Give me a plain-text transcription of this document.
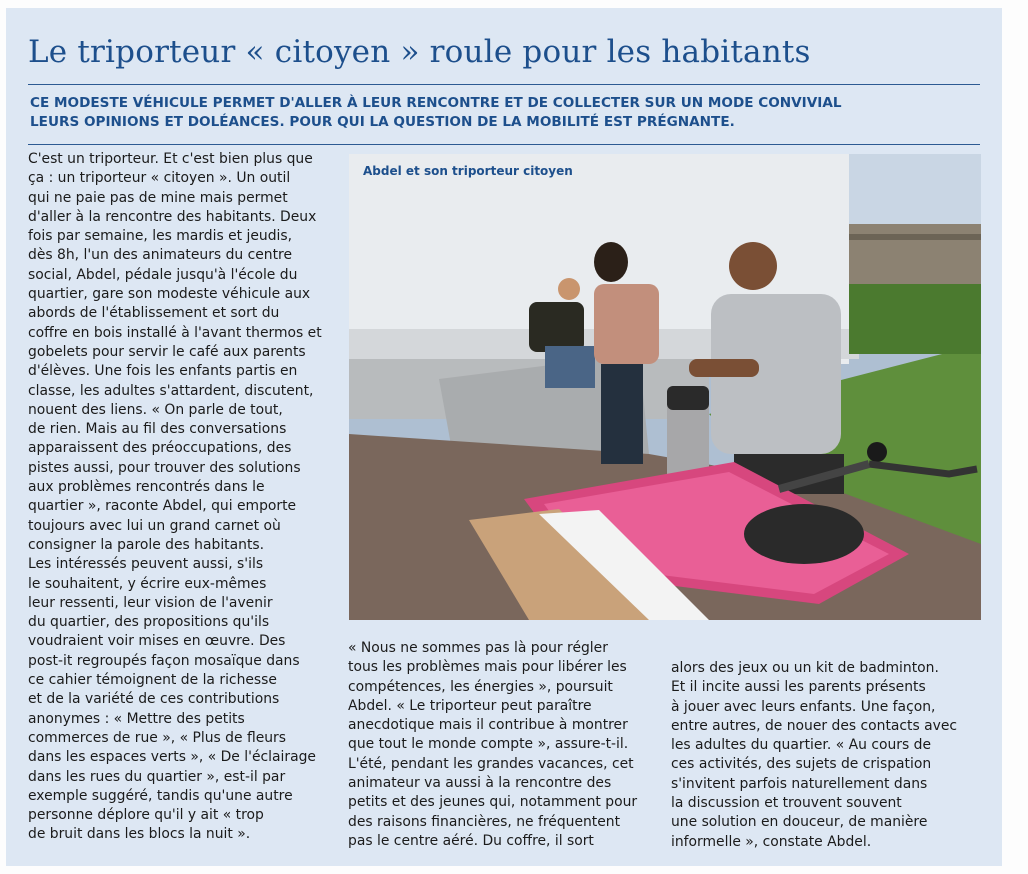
Le triporteur « citoyen » roule pour les habitants
CE MODESTE VÉHICULE PERMET D'ALLER À LEUR RENCONTRE ET DE COLLECTER SUR UN MODE CONVIVIAL
LEURS OPINIONS ET DOLÉANCES. POUR QUI LA QUESTION DE LA MOBILITÉ EST PRÉGNANTE.
C'est un triporteur. Et c'est bien plus que
ça : un triporteur « citoyen ». Un outil
qui ne paie pas de mine mais permet
d'aller à la rencontre des habitants. Deux
fois par semaine, les mardis et jeudis,
dès 8h, l'un des animateurs du centre
social, Abdel, pédale jusqu'à l'école du
quartier, gare son modeste véhicule aux
abords de l'établissement et sort du
coffre en bois installé à l'avant thermos et
gobelets pour servir le café aux parents
d'élèves. Une fois les enfants partis en
classe, les adultes s'attardent, discutent,
nouent des liens. « On parle de tout,
de rien. Mais au fil des conversations
apparaissent des préoccupations, des
pistes aussi, pour trouver des solutions
aux problèmes rencontrés dans le
quartier », raconte Abdel, qui emporte
toujours avec lui un grand carnet où
consigner la parole des habitants.
Les intéressés peuvent aussi, s'ils
le souhaitent, y écrire eux-mêmes
leur ressenti, leur vision de l'avenir
du quartier, des propositions qu'ils
voudraient voir mises en œuvre. Des
post-it regroupés façon mosaïque dans
ce cahier témoignent de la richesse
et de la variété de ces contributions
anonymes : « Mettre des petits
commerces de rue », « Plus de fleurs
dans les espaces verts », « De l'éclairage
dans les rues du quartier », est-il par
exemple suggéré, tandis qu'une autre
personne déplore qu'il y ait « trop
de bruit dans les blocs la nuit ».
Abdel et son triporteur citoyen
« Nous ne sommes pas là pour régler
tous les problèmes mais pour libérer les
compétences, les énergies », poursuit
Abdel. « Le triporteur peut paraître
anecdotique mais il contribue à montrer
que tout le monde compte », assure-t-il.
L'été, pendant les grandes vacances, cet
animateur va aussi à la rencontre des
petits et des jeunes qui, notamment pour
des raisons financières, ne fréquentent
pas le centre aéré. Du coffre, il sort
alors des jeux ou un kit de badminton.
Et il incite aussi les parents présents
à jouer avec leurs enfants. Une façon,
entre autres, de nouer des contacts avec
les adultes du quartier. « Au cours de
ces activités, des sujets de crispation
s'invitent parfois naturellement dans
la discussion et trouvent souvent
une solution en douceur, de manière
informelle », constate Abdel.
